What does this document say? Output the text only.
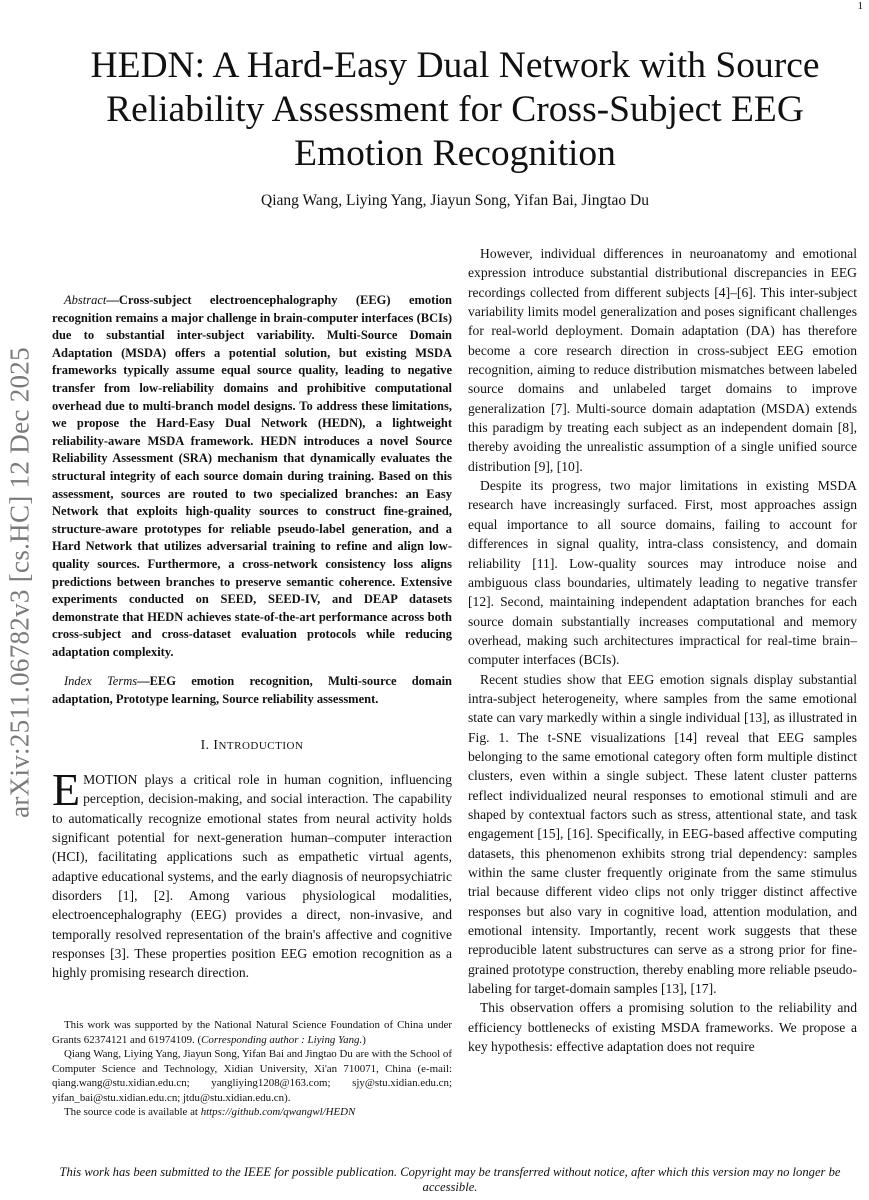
1
arXiv:2511.06782v3 [cs.HC] 12 Dec 2025
HEDN: A Hard-Easy Dual Network with Source Reliability Assessment for Cross-Subject EEG Emotion Recognition
Qiang Wang, Liying Yang, Jiayun Song, Yifan Bai, Jingtao Du

Abstract—Cross-subject electroencephalography (EEG) emotion recognition remains a major challenge in brain-computer interfaces (BCIs) due to substantial inter-subject variability. Multi-Source Domain Adaptation (MSDA) offers a potential solution, but existing MSDA frameworks typically assume equal source quality, leading to negative transfer from low-reliability domains and prohibitive computational overhead due to multi-branch model designs. To address these limitations, we propose the Hard-Easy Dual Network (HEDN), a lightweight reliability-aware MSDA framework. HEDN introduces a novel Source Reliability Assessment (SRA) mechanism that dynamically evaluates the structural integrity of each source domain during training. Based on this assessment, sources are routed to two specialized branches: an Easy Network that exploits high-quality sources to construct fine-grained, structure-aware prototypes for reliable pseudo-label generation, and a Hard Network that utilizes adversarial training to refine and align low-quality sources. Furthermore, a cross-network consistency loss aligns predictions between branches to preserve semantic coherence. Extensive experiments conducted on SEED, SEED-IV, and DEAP datasets demonstrate that HEDN achieves state-of-the-art performance across both cross-subject and cross-dataset evaluation protocols while reducing adaptation complexity.

Index Terms—EEG emotion recognition, Multi-source domain adaptation, Prototype learning, Source reliability assessment.

I. INTRODUCTION

EMOTION plays a critical role in human cognition, influencing perception, decision-making, and social interaction. The capability to automatically recognize emotional states from neural activity holds significant potential for next-generation human–computer interaction (HCI), facilitating applications such as empathetic virtual agents, adaptive educational systems, and the early diagnosis of neuropsychiatric disorders [1], [2]. Among various physiological modalities, electroencephalography (EEG) provides a direct, non-invasive, and temporally resolved representation of the brain's affective and cognitive responses [3]. These properties position EEG emotion recognition as a highly promising research direction.

This work was supported by the National Natural Science Foundation of China under Grants 62374121 and 61974109. (Corresponding author : Liying Yang.)

Qiang Wang, Liying Yang, Jiayun Song, Yifan Bai and Jingtao Du are with the School of Computer Science and Technology, Xidian University, Xi'an 710071, China (e-mail: qiang.wang@stu.xidian.edu.cn; yangliying1208@163.com; sjy@stu.xidian.edu.cn; yifan_bai@stu.xidian.edu.cn; jtdu@stu.xidian.edu.cn).

The source code is available at https://github.com/qwangwl/HEDN

However, individual differences in neuroanatomy and emotional expression introduce substantial distributional discrepancies in EEG recordings collected from different subjects [4]–[6]. This inter-subject variability limits model generalization and poses significant challenges for real-world deployment. Domain adaptation (DA) has therefore become a core research direction in cross-subject EEG emotion recognition, aiming to reduce distribution mismatches between labeled source domains and unlabeled target domains to improve generalization [7]. Multi-source domain adaptation (MSDA) extends this paradigm by treating each subject as an independent domain [8], thereby avoiding the unrealistic assumption of a single unified source distribution [9], [10].

Despite its progress, two major limitations in existing MSDA research have increasingly surfaced. First, most approaches assign equal importance to all source domains, failing to account for differences in signal quality, intra-class consistency, and domain reliability [11]. Low-quality sources may introduce noise and ambiguous class boundaries, ultimately leading to negative transfer [12]. Second, maintaining independent adaptation branches for each source domain substantially increases computational and memory overhead, making such architectures impractical for real-time brain–computer interfaces (BCIs).

Recent studies show that EEG emotion signals display substantial intra-subject heterogeneity, where samples from the same emotional state can vary markedly within a single individual [13], as illustrated in Fig. 1. The t-SNE visualizations [14] reveal that EEG samples belonging to the same emotional category often form multiple distinct clusters, even within a single subject. These latent cluster patterns reflect individualized neural responses to emotional stimuli and are shaped by contextual factors such as stress, attentional state, and task engagement [15], [16]. Specifically, in EEG-based affective computing datasets, this phenomenon exhibits strong trial dependency: samples within the same cluster frequently originate from the same stimulus trial because different video clips not only trigger distinct affective responses but also vary in cognitive load, attention modulation, and emotional intensity. Importantly, recent work suggests that these reproducible latent substructures can serve as a strong prior for fine-grained prototype construction, thereby enabling more reliable pseudo-labeling for target-domain samples [13], [17].

This observation offers a promising solution to the reliability and efficiency bottlenecks of existing MSDA frameworks. We propose a key hypothesis: effective adaptation does not require

This work has been submitted to the IEEE for possible publication. Copyright may be transferred without notice, after which this version may no longer be accessible.
